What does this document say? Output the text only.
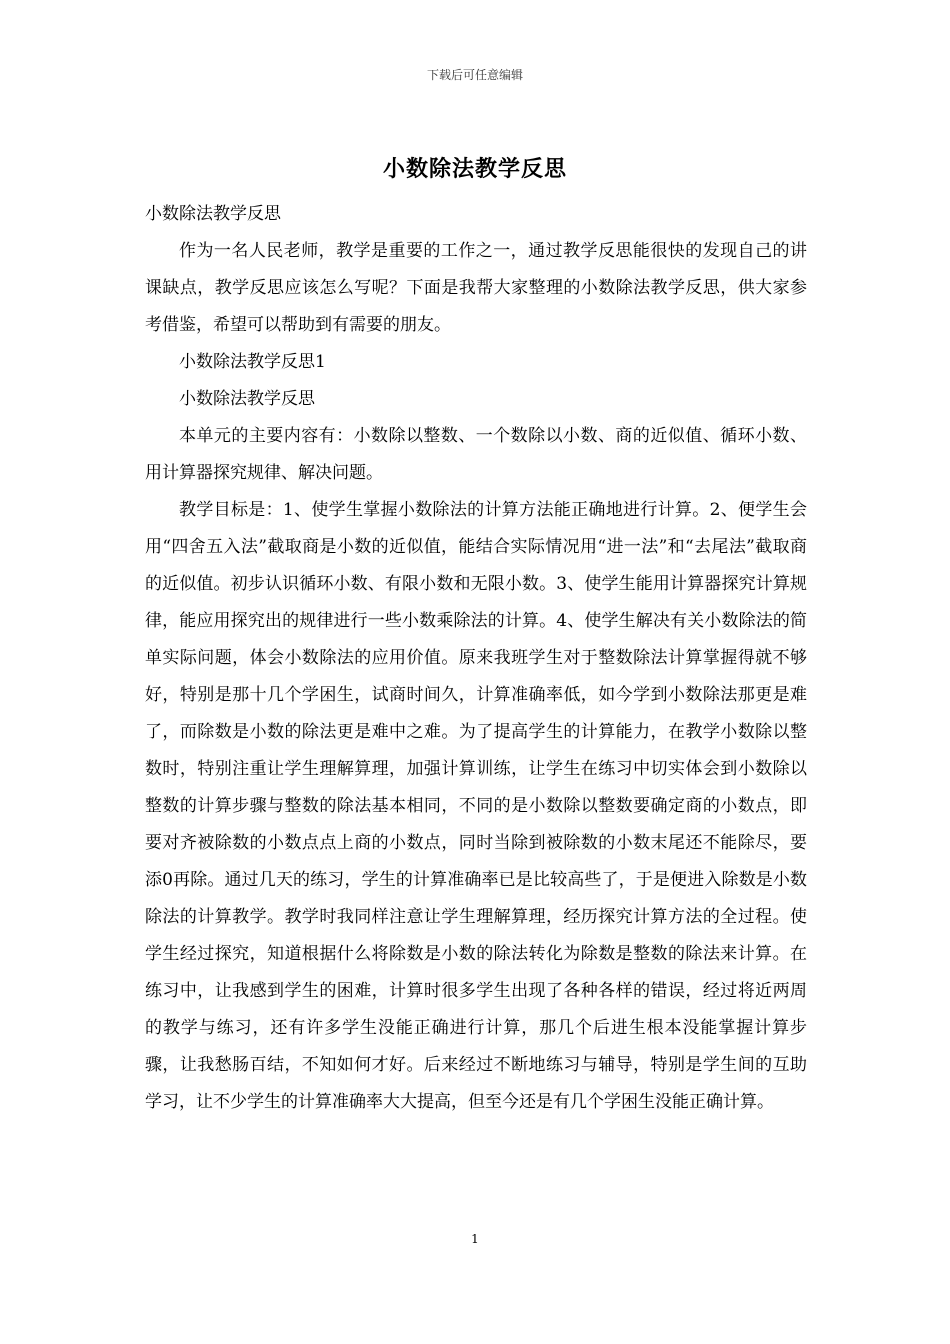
下载后可任意编辑
小数除法教学反思

小数除法教学反思

作为一名人民老师，教学是重要的工作之一，通过教学反思能很快的发现自己的讲课缺点，教学反思应该怎么写呢？下面是我帮大家整理的小数除法教学反思，供大家参考借鉴，希望可以帮助到有需要的朋友。

小数除法教学反思1

小数除法教学反思

本单元的主要内容有：小数除以整数、一个数除以小数、商的近似值、循环小数、用计算器探究规律、解决问题。

教学目标是：1、使学生掌握小数除法的计算方法能正确地进行计算。2、便学生会用“四舍五入法”截取商是小数的近似值，能结合实际情况用“进一法”和“去尾法”截取商的近似值。初步认识循环小数、有限小数和无限小数。3、使学生能用计算器探究计算规律，能应用探究出的规律进行一些小数乘除法的计算。4、使学生解决有关小数除法的简单实际问题，体会小数除法的应用价值。原来我班学生对于整数除法计算掌握得就不够好，特别是那十几个学困生，试商时间久，计算准确率低，如今学到小数除法那更是难了，而除数是小数的除法更是难中之难。为了提高学生的计算能力，在教学小数除以整数时，特别注重让学生理解算理，加强计算训练，让学生在练习中切实体会到小数除以整数的计算步骤与整数的除法基本相同，不同的是小数除以整数要确定商的小数点，即要对齐被除数的小数点点上商的小数点，同时当除到被除数的小数末尾还不能除尽，要添0再除。通过几天的练习，学生的计算准确率已是比较高些了，于是便进入除数是小数除法的计算教学。教学时我同样注意让学生理解算理，经历探究计算方法的全过程。使学生经过探究，知道根据什么将除数是小数的除法转化为除数是整数的除法来计算。在练习中，让我感到学生的困难，计算时很多学生出现了各种各样的错误，经过将近两周的教学与练习，还有许多学生没能正确进行计算，那几个后进生根本没能掌握计算步骤，让我愁肠百结，不知如何才好。后来经过不断地练习与辅导，特别是学生间的互助学习，让不少学生的计算准确率大大提高，但至今还是有几个学困生没能正确计算。

1
